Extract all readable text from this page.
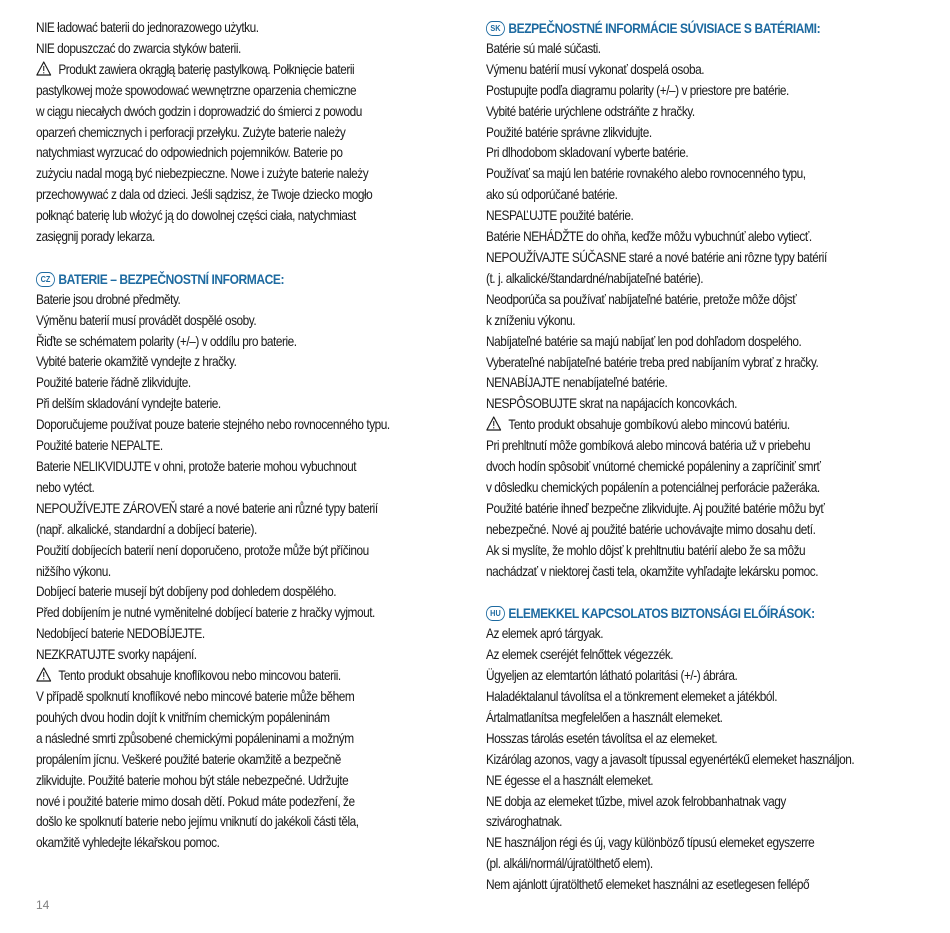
NIE ładować baterii do jednorazowego użytku.
NIE dopuszczać do zwarcia styków baterii.
Produkt zawiera okrągłą baterię pastylkową. Połknięcie baterii
pastylkowej może spowodować wewnętrzne oparzenia chemiczne
w ciągu niecałych dwóch godzin i doprowadzić do śmierci z powodu
oparzeń chemicznych i perforacji przełyku. Zużyte baterie należy
natychmiast wyrzucać do odpowiednich pojemników. Baterie po
zużyciu nadal mogą być niebezpieczne. Nowe i zużyte baterie należy
przechowywać z dala od dzieci. Jeśli sądzisz, że Twoje dziecko mogło
połknąć baterię lub włożyć ją do dowolnej części ciała, natychmiast
zasięgnij porady lekarza.
CZ BATERIE – BEZPEČNOSTNÍ INFORMACE:
Baterie jsou drobné předměty.
Výměnu baterií musí provádět dospělé osoby.
Řiďte se schématem polarity (+/–) v oddílu pro baterie.
Vybité baterie okamžitě vyndejte z hračky.
Použité baterie řádně zlikvidujte.
Při delším skladování vyndejte baterie.
Doporučujeme používat pouze baterie stejného nebo rovnocenného typu.
Použité baterie NEPALTE.
Baterie NELIKVIDUJTE v ohni, protože baterie mohou vybuchnout
nebo vytéct.
NEPOUŽÍVEJTE ZÁROVEŇ staré a nové baterie ani různé typy baterií
(např. alkalické, standardní a dobíjecí baterie).
Použití dobíjecích baterií není doporučeno, protože může být příčinou
nižšího výkonu.
Dobíjecí baterie musejí být dobíjeny pod dohledem dospělého.
Před dobíjením je nutné vyměnitelné dobíjecí baterie z hračky vyjmout.
Nedobíjecí baterie NEDOBÍJEJTE.
NEZKRATUJTE svorky napájení.
Tento produkt obsahuje knoflíkovou nebo mincovou baterii.
V případě spolknutí knoflíkové nebo mincové baterie může během
pouhých dvou hodin dojít k vnitřním chemickým popáleninám
a následné smrti způsobené chemickými popáleninami a možným
propálením jícnu. Veškeré použité baterie okamžitě a bezpečně
zlikvidujte. Použité baterie mohou být stále nebezpečné. Udržujte
nové i použité baterie mimo dosah dětí. Pokud máte podezření, že
došlo ke spolknutí baterie nebo jejímu vniknutí do jakékoli části těla,
okamžitě vyhledejte lékařskou pomoc.
SK BEZPEČNOSTNÉ INFORMÁCIE SÚVISIACE S BATÉRIAMI:
Batérie sú malé súčasti.
Výmenu batérií musí vykonať dospelá osoba.
Postupujte podľa diagramu polarity (+/–) v priestore pre batérie.
Vybité batérie urýchlene odstráňte z hračky.
Použité batérie správne zlikvidujte.
Pri dlhodobom skladovaní vyberte batérie.
Používať sa majú len batérie rovnakého alebo rovnocenného typu,
ako sú odporúčané batérie.
NESPAĽUJTE použité batérie.
Batérie NEHÁDŽTE do ohňa, keďže môžu vybuchnúť alebo vytiecť.
NEPOUŽÍVAJTE SÚČASNE staré a nové batérie ani rôzne typy batérií
(t. j. alkalické/štandardné/nabíjateľné batérie).
Neodporúča sa používať nabíjateľné batérie, pretože môže dôjsť
k zníženiu výkonu.
Nabíjateľné batérie sa majú nabíjať len pod dohľadom dospelého.
Vyberateľné nabíjateľné batérie treba pred nabíjaním vybrať z hračky.
NENABÍJAJTE nenabíjateľné batérie.
NESPÔSOBUJTE skrat na napájacích koncovkách.
Tento produkt obsahuje gombíkovú alebo mincovú batériu.
Pri prehltnutí môže gombíková alebo mincová batéria už v priebehu
dvoch hodín spôsobiť vnútorné chemické popáleniny a zapríčiniť smrť
v dôsledku chemických popálenín a potenciálnej perforácie pažeráka.
Použité batérie ihneď bezpečne zlikvidujte. Aj použité batérie môžu byť
nebezpečné. Nové aj použité batérie uchovávajte mimo dosahu detí.
Ak si myslíte, že mohlo dôjsť k prehltnutiu batérií alebo že sa môžu
nachádzať v niektorej časti tela, okamžite vyhľadajte lekársku pomoc.
HU ELEMEKKEL KAPCSOLATOS BIZTONSÁGI ELŐÍRÁSOK:
Az elemek apró tárgyak.
Az elemek cseréjét felnőttek végezzék.
Ügyeljen az elemtartón látható polaritási (+/-) ábrára.
Haladéktalanul távolítsa el a tönkrement elemeket a játékból.
Ártalmatlanítsa megfelelően a használt elemeket.
Hosszas tárolás esetén távolítsa el az elemeket.
Kizárólag azonos, vagy a javasolt típussal egyenértékű elemeket használjon.
NE égesse el a használt elemeket.
NE dobja az elemeket tűzbe, mivel azok felrobbanhatnak vagy
szivároghatnak.
NE használjon régi és új, vagy különböző típusú elemeket egyszerre
(pl. alkáli/normál/újratölthető elem).
Nem ajánlott újratölthető elemeket használni az esetlegesen fellépő
14
